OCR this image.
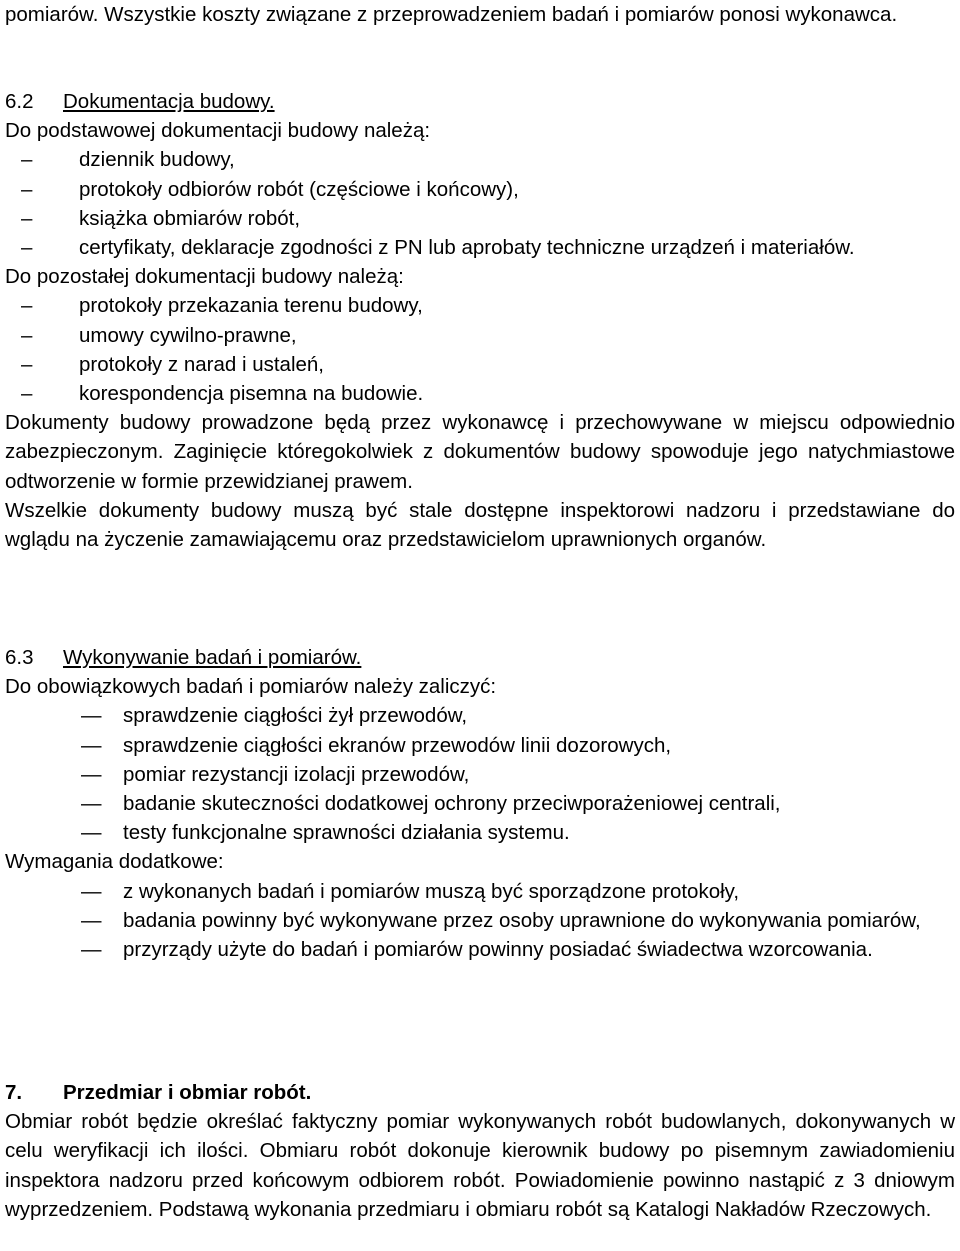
pomiarów. Wszystkie koszty związane z przeprowadzeniem badań i pomiarów ponosi wykonawca.

6.2 Dokumentacja budowy.

Do podstawowej dokumentacji budowy należą:

‒ dziennik budowy,
‒ protokoły odbiorów robót (częściowe i końcowy),
‒ książka obmiarów robót,
‒ certyfikaty, deklaracje zgodności z PN lub aprobaty techniczne urządzeń i materiałów.

Do pozostałej dokumentacji budowy należą:

‒ protokoły przekazania terenu budowy,
‒ umowy cywilno-prawne,
‒ protokoły z narad i ustaleń,
‒ korespondencja pisemna na budowie.

Dokumenty budowy prowadzone będą przez wykonawcę i przechowywane w miejscu odpowiednio zabezpieczonym. Zaginięcie któregokolwiek z dokumentów budowy spowoduje jego natychmiastowe odtworzenie w formie przewidzianej prawem.

Wszelkie dokumenty budowy muszą być stale dostępne inspektorowi nadzoru i przedstawiane do wglądu na życzenie zamawiającemu oraz przedstawicielom uprawnionych organów.

6.3 Wykonywanie badań i pomiarów.

Do obowiązkowych badań i pomiarów należy zaliczyć:

— sprawdzenie ciągłości żył przewodów,
— sprawdzenie ciągłości ekranów przewodów linii dozorowych,
— pomiar rezystancji izolacji przewodów,
— badanie skuteczności dodatkowej ochrony przeciwporażeniowej centrali,
— testy funkcjonalne sprawności działania systemu.

Wymagania dodatkowe:

— z wykonanych badań i pomiarów muszą być sporządzone protokoły,
— badania powinny być wykonywane przez osoby uprawnione do wykonywania pomiarów,
— przyrządy użyte do badań i pomiarów powinny posiadać świadectwa wzorcowania.
7. Przedmiar i obmiar robót.

Obmiar robót będzie określać faktyczny pomiar wykonywanych robót budowlanych, dokonywanych w celu weryfikacji ich ilości. Obmiaru robót dokonuje kierownik budowy po pisemnym zawiadomieniu inspektora nadzoru przed końcowym odbiorem robót. Powiadomienie powinno nastąpić z 3 dniowym wyprzedzeniem. Podstawą wykonania przedmiaru i obmiaru robót są Katalogi Nakładów Rzeczowych.
